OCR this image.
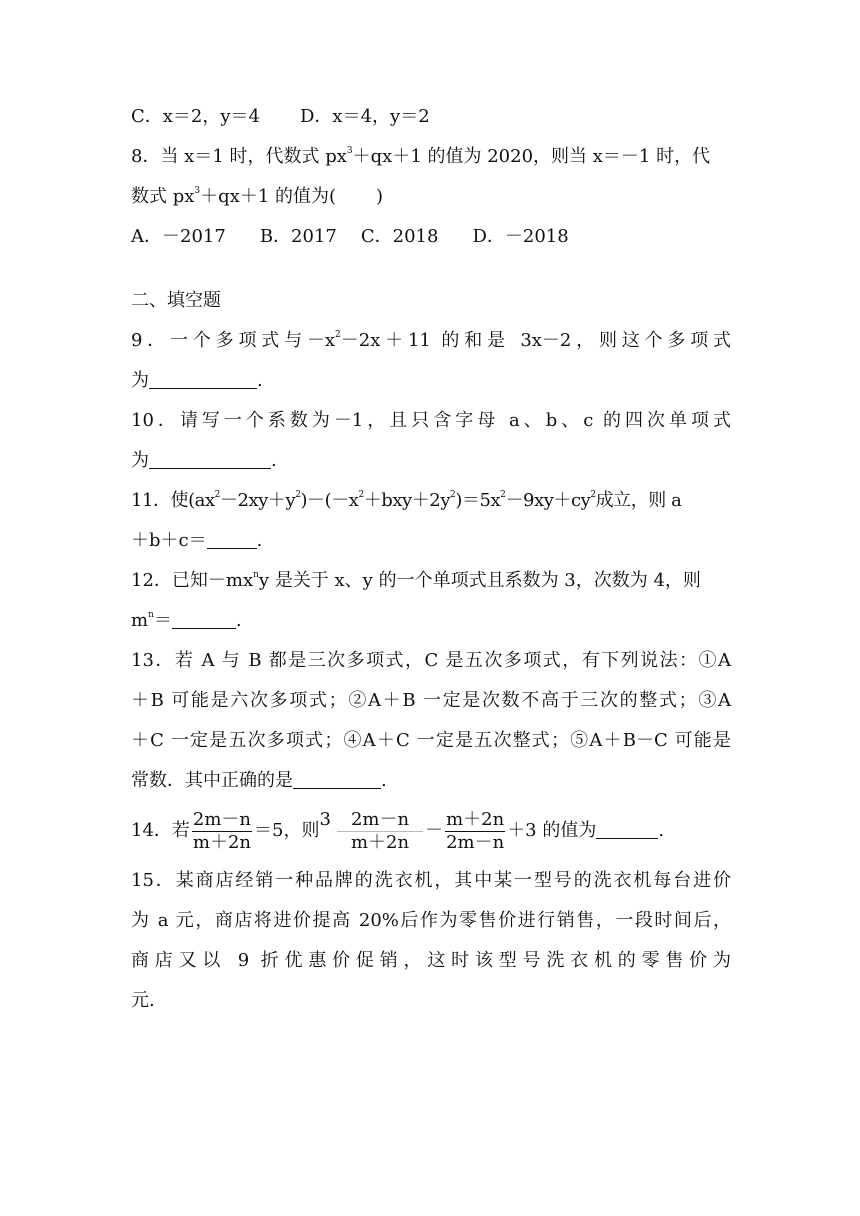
C．x＝2，y＝4 D．x＝4，y＝2
8．当 x＝1 时，代数式 $px^3+qx+1$ 的值为 2020，则当 x＝－1 时，代
数式 $px^3+qx+1$ 的值为( )
A．－2017 B．2017 C．2018 D．－2018
二、填空题
9．一个多项式与$-x^2-2x+11$ 的和是 3x－2，则这个多项式
为	.
10．请写一个系数为－1，且只含字母 a、b、c 的四次单项式
为	.
11．使$(ax^2-2xy+y^2)-(-x^2+bxy+2y^2)=5x^2-9xy+cy^2$成立，则 a
＋b＋c＝	.
12．已知$-mx^ny$ 是关于 x、y 的一个单项式且系数为 3，次数为 4，则
$m^n=$	.
13．若 A 与 B 都是三次多项式，C 是五次多项式，有下列说法：①A
＋B 可能是六次多项式；②A＋B 一定是次数不高于三次的整式；③A
＋C 一定是五次多项式；④A＋C 一定是五次整式；⑤A＋B－C 可能是
常数．其中正确的是	.
14．若 $\frac{2m-n}{m+2n} =5$，则$3 \frac{2m-n}{m+2n} - \frac{m+2n}{2m-n} +3$ 的值为	.
15．某商店经销一种品牌的洗衣机，其中某一型号的洗衣机每台进价
为 a 元，商店将进价提高 20%后作为零售价进行销售，一段时间后，
商店又以 9 折优惠价促销，这时该型号洗衣机的零售价为
元.
